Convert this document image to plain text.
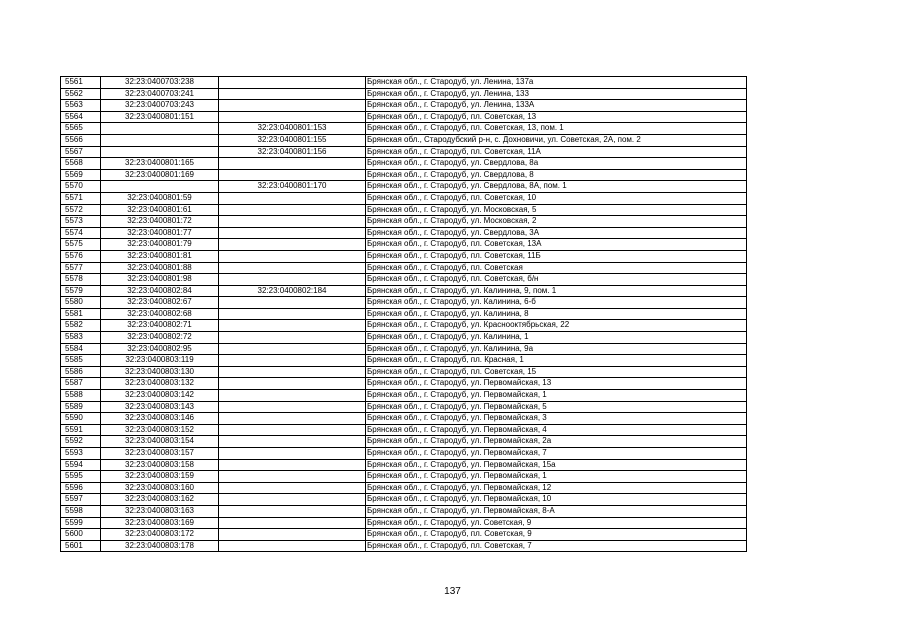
5561	32:23:0400703:238		Брянская обл., г. Стародуб, ул. Ленина, 137а
5562	32:23:0400703:241		Брянская обл., г. Стародуб, ул. Ленина, 133
5563	32:23:0400703:243		Брянская обл., г. Стародуб, ул. Ленина, 133А
5564	32:23:0400801:151		Брянская обл., г. Стародуб, пл. Советская, 13
5565		32:23:0400801:153	Брянская обл., г. Стародуб, пл. Советская, 13, пом. 1
5566		32:23:0400801:155	Брянская обл., Стародубский р-н, с. Дохновичи, ул. Советская, 2А, пом. 2
5567		32:23:0400801:156	Брянская обл., г. Стародуб, пл. Советская, 11А
5568	32:23:0400801:165		Брянская обл., г. Стародуб, ул. Свердлова, 8а
5569	32:23:0400801:169		Брянская обл., г. Стародуб, ул. Свердлова, 8
5570		32:23:0400801:170	Брянская обл., г. Стародуб, ул. Свердлова, 8А, пом. 1
5571	32:23:0400801:59		Брянская обл., г. Стародуб, пл. Советская, 10
5572	32:23:0400801:61		Брянская обл., г. Стародуб, ул. Московская, 5
5573	32:23:0400801:72		Брянская обл., г. Стародуб, ул. Московская, 2
5574	32:23:0400801:77		Брянская обл., г. Стародуб, ул. Свердлова, 3А
5575	32:23:0400801:79		Брянская обл., г. Стародуб, пл. Советская, 13А
5576	32:23:0400801:81		Брянская обл., г. Стародуб, пл. Советская, 11Б
5577	32:23:0400801:88		Брянская обл., г. Стародуб, пл. Советская
5578	32:23:0400801:98		Брянская обл., г. Стародуб, пл. Советская, б/н
5579	32:23:0400802:84	32:23:0400802:184	Брянская обл., г. Стародуб, ул. Калинина, 9, пом. 1
5580	32:23:0400802:67		Брянская обл., г. Стародуб, ул. Калинина, 6-б
5581	32:23:0400802:68		Брянская обл., г. Стародуб, ул. Калинина, 8
5582	32:23:0400802:71		Брянская обл., г. Стародуб, ул. Краснооктябрьская, 22
5583	32:23:0400802:72		Брянская обл., г. Стародуб, ул. Калинина, 1
5584	32:23:0400802:95		Брянская обл., г. Стародуб, ул. Калинина, 9а
5585	32:23:0400803:119		Брянская обл., г. Стародуб, пл. Красная, 1
5586	32:23:0400803:130		Брянская обл., г. Стародуб, пл. Советская, 15
5587	32:23:0400803:132		Брянская обл., г. Стародуб, ул. Первомайская, 13
5588	32:23:0400803:142		Брянская обл., г. Стародуб, ул. Первомайская, 1
5589	32:23:0400803:143		Брянская обл., г. Стародуб, ул. Первомайская, 5
5590	32:23:0400803:146		Брянская обл., г. Стародуб, ул. Первомайская, 3
5591	32:23:0400803:152		Брянская обл., г. Стародуб, ул. Первомайская, 4
5592	32:23:0400803:154		Брянская обл., г. Стародуб, ул. Первомайская, 2а
5593	32:23:0400803:157		Брянская обл., г. Стародуб, ул. Первомайская, 7
5594	32:23:0400803:158		Брянская обл., г. Стародуб, ул. Первомайская, 15а
5595	32:23:0400803:159		Брянская обл., г. Стародуб, ул. Первомайская, 1
5596	32:23:0400803:160		Брянская обл., г. Стародуб, ул. Первомайская, 12
5597	32:23:0400803:162		Брянская обл., г. Стародуб, ул. Первомайская, 10
5598	32:23:0400803:163		Брянская обл., г. Стародуб, ул. Первомайская, 8-А
5599	32:23:0400803:169		Брянская обл., г. Стародуб, ул. Советская, 9
5600	32:23:0400803:172		Брянская обл., г. Стародуб, пл. Советская, 9
5601	32:23:0400803:178		Брянская обл., г. Стародуб, пл. Советская, 7
137
